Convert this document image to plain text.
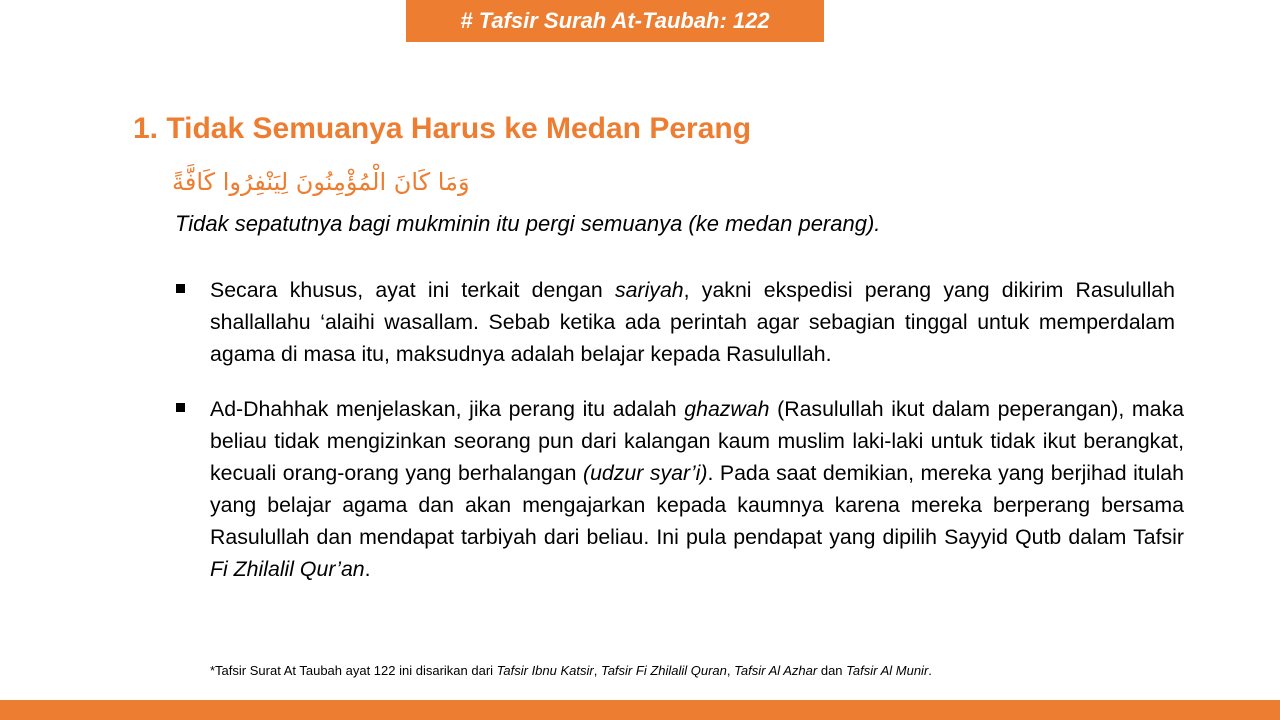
# Tafsir Surah At-Taubah: 122
1. Tidak Semuanya Harus ke Medan Perang
وَمَا كَانَ الْمُؤْمِنُونَ لِيَنْفِرُوا كَافَّةً
Tidak sepatutnya bagi mukminin itu pergi semuanya (ke medan perang).
Secara khusus, ayat ini terkait dengan sariyah, yakni ekspedisi perang yang dikirim Rasulullah shallallahu ‘alaihi wasallam. Sebab ketika ada perintah agar sebagian tinggal untuk memperdalam agama di masa itu, maksudnya adalah belajar kepada Rasulullah.
Ad-Dhahhak menjelaskan, jika perang itu adalah ghazwah (Rasulullah ikut dalam peperangan), maka beliau tidak mengizinkan seorang pun dari kalangan kaum muslim laki-laki untuk tidak ikut berangkat, kecuali orang-orang yang berhalangan (udzur syar’i). Pada saat demikian, mereka yang berjihad itulah yang belajar agama dan akan mengajarkan kepada kaumnya karena mereka berperang bersama Rasulullah dan mendapat tarbiyah dari beliau. Ini pula pendapat yang dipilih Sayyid Qutb dalam Tafsir Fi Zhilalil Qur’an.
*Tafsir Surat At Taubah ayat 122 ini disarikan dari Tafsir Ibnu Katsir, Tafsir Fi Zhilalil Quran, Tafsir Al Azhar dan Tafsir Al Munir.
